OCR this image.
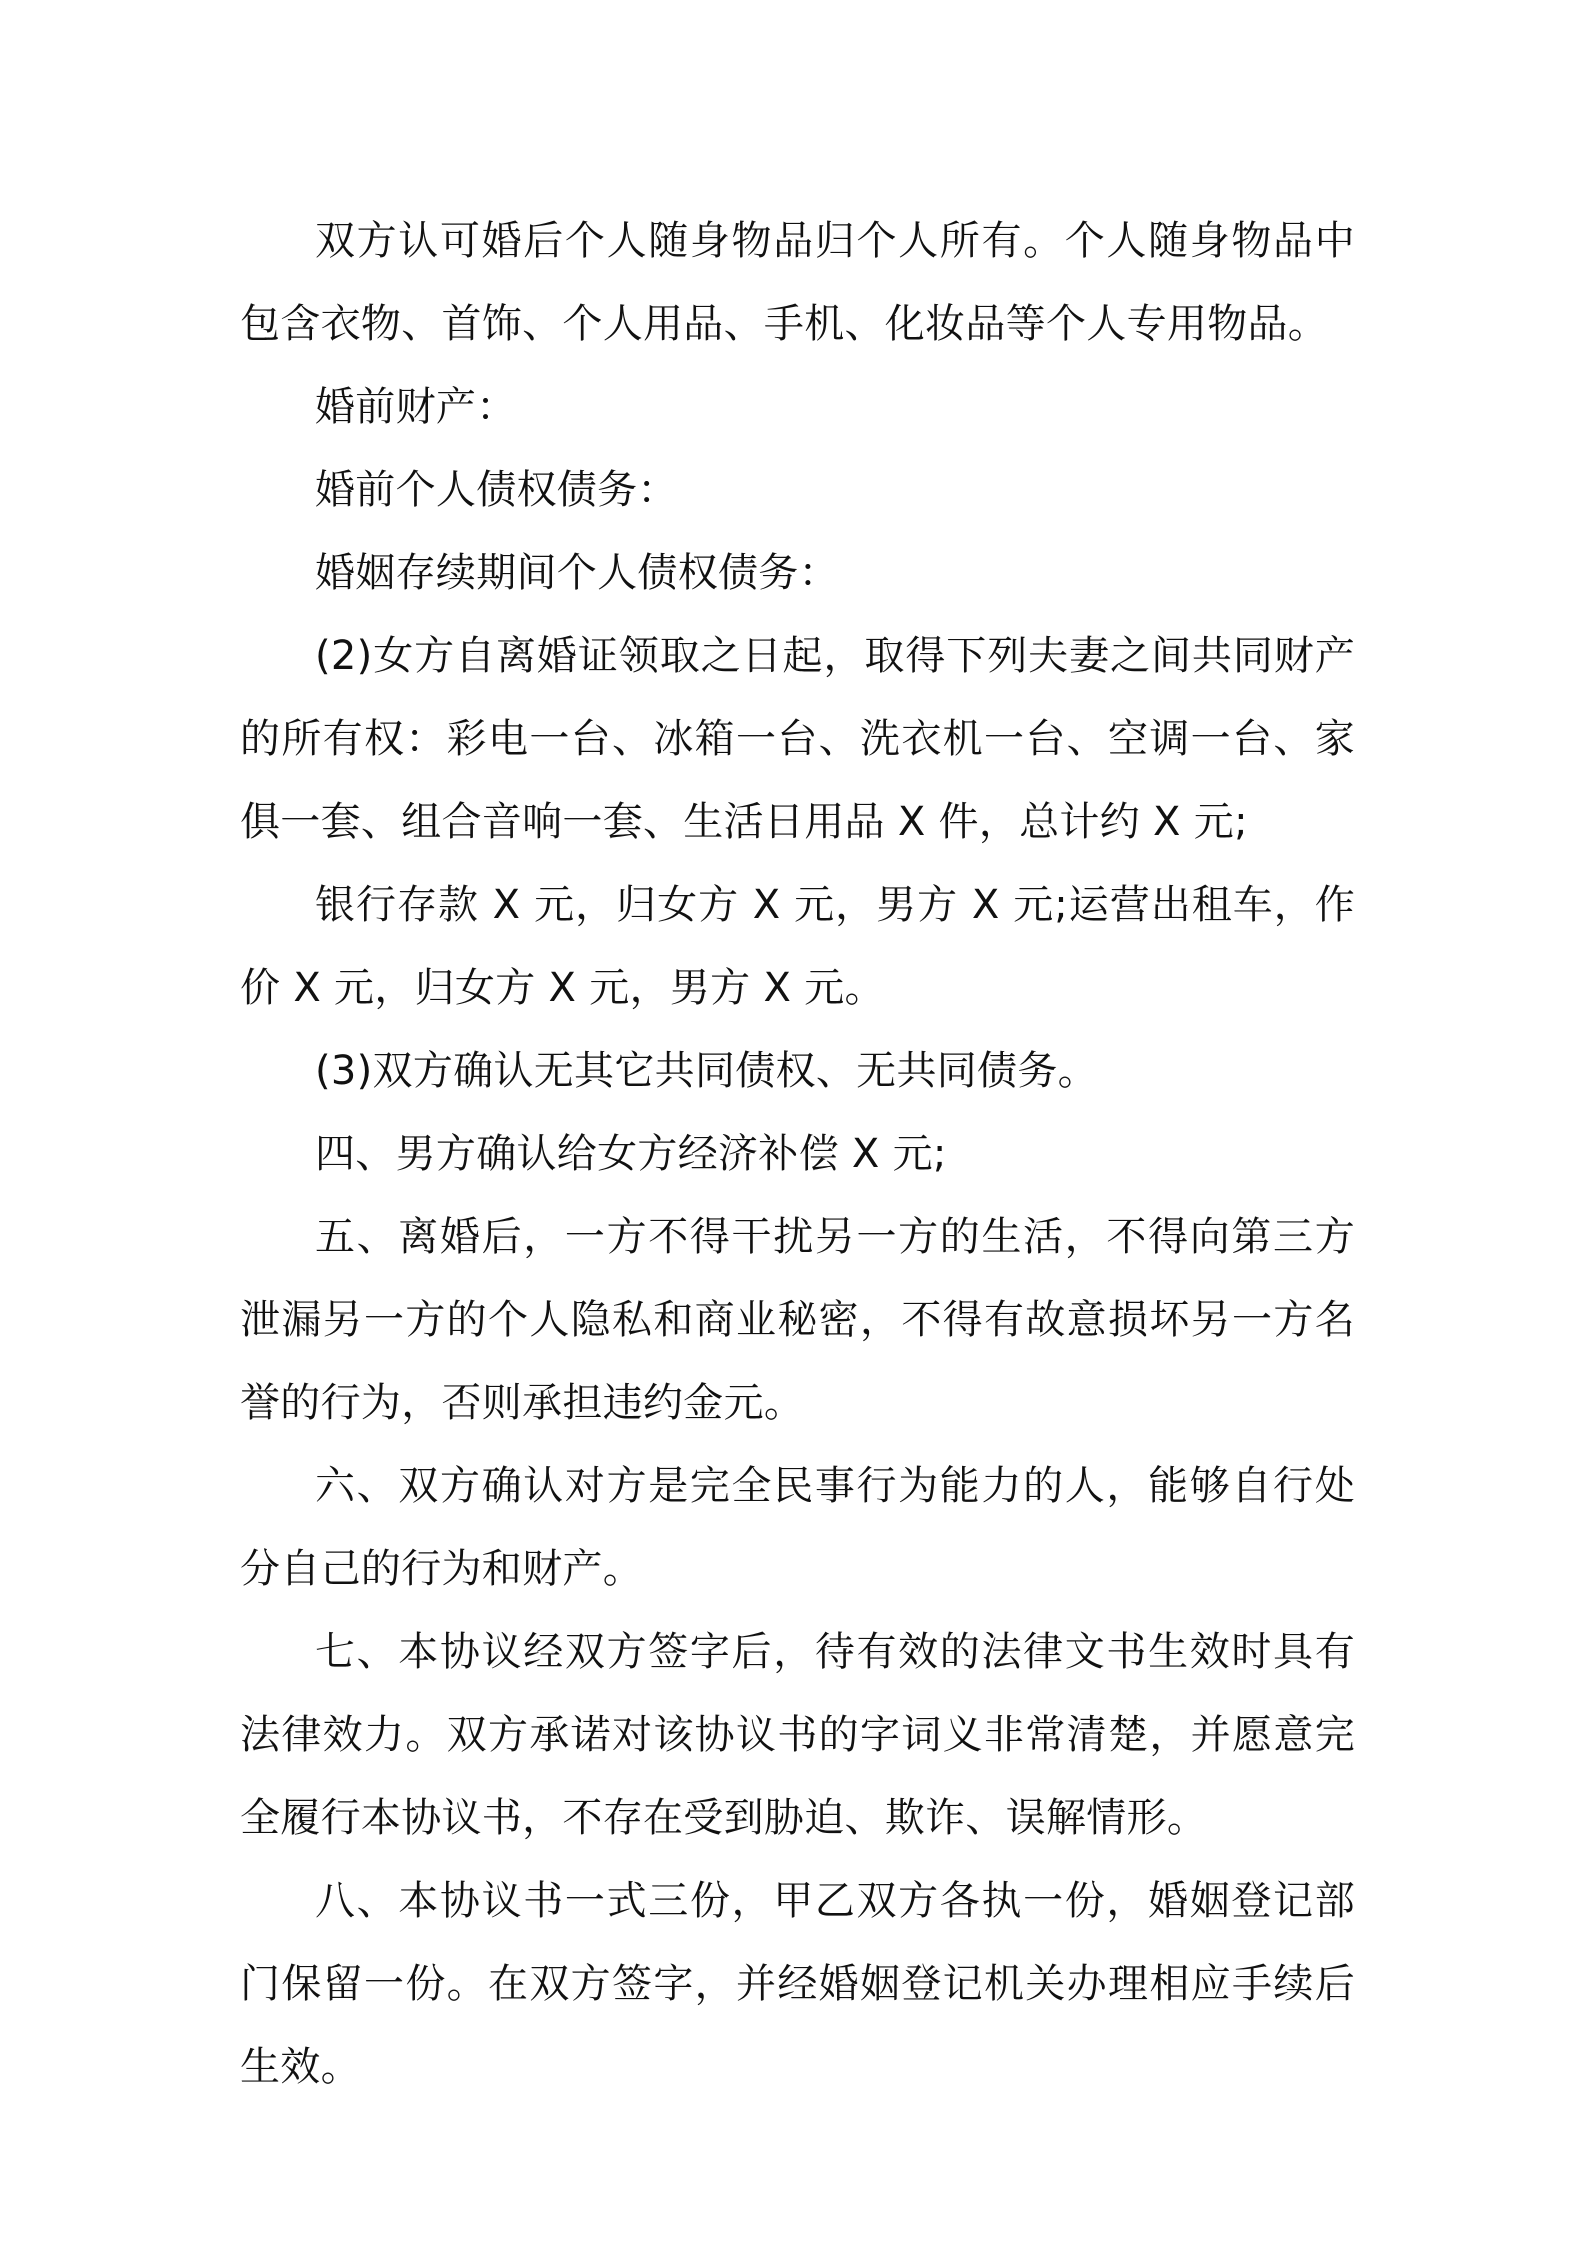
双方认可婚后个人随身物品归个人所有。个人随身物品中包含衣物、首饰、个人用品、手机、化妆品等个人专用物品。

婚前财产：

婚前个人债权债务：

婚姻存续期间个人债权债务：

(2)女方自离婚证领取之日起，取得下列夫妻之间共同财产的所有权：彩电一台、冰箱一台、洗衣机一台、空调一台、家俱一套、组合音响一套、生活日用品 X 件，总计约 X 元;

银行存款 X 元，归女方 X 元，男方 X 元;运营出租车，作价 X 元，归女方 X 元，男方 X 元。

(3)双方确认无其它共同债权、无共同债务。

四、男方确认给女方经济补偿 X 元;

五、离婚后，一方不得干扰另一方的生活，不得向第三方泄漏另一方的个人隐私和商业秘密，不得有故意损坏另一方名誉的行为，否则承担违约金元。

六、双方确认对方是完全民事行为能力的人，能够自行处分自己的行为和财产。

七、本协议经双方签字后，待有效的法律文书生效时具有法律效力。双方承诺对该协议书的字词义非常清楚，并愿意完全履行本协议书，不存在受到胁迫、欺诈、误解情形。

八、本协议书一式三份，甲乙双方各执一份，婚姻登记部门保留一份。在双方签字，并经婚姻登记机关办理相应手续后生效。
